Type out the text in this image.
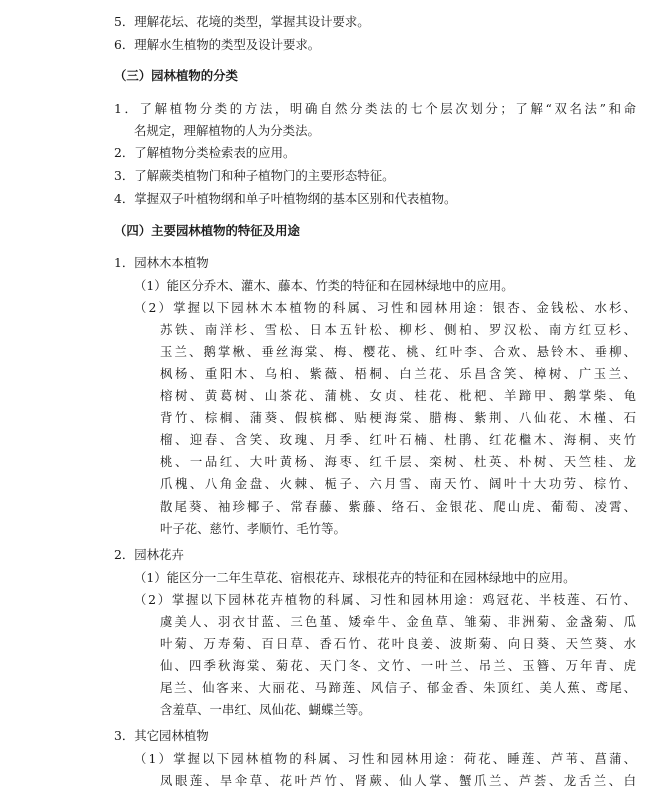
5．理解花坛、花境的类型，掌握其设计要求。
6．理解水生植物的类型及设计要求。
（三）园林植物的分类
1．了解植物分类的方法，明确自然分类法的七个层次划分；了解“双名法”和命
名规定，理解植物的人为分类法。
2．了解植物分类检索表的应用。
3．了解蕨类植物门和种子植物门的主要形态特征。
4．掌握双子叶植物纲和单子叶植物纲的基本区别和代表植物。
（四）主要园林植物的特征及用途
1．园林木本植物
（1）能区分乔木、灌木、藤本、竹类的特征和在园林绿地中的应用。
（2）掌握以下园林木本植物的科属、习性和园林用途：银杏、金钱松、水杉、
苏铁、南洋杉、雪松、日本五针松、柳杉、侧柏、罗汉松、南方红豆杉、
玉兰、鹅掌楸、垂丝海棠、梅、樱花、桃、红叶李、合欢、悬铃木、垂柳、
枫杨、重阳木、乌桕、紫薇、梧桐、白兰花、乐昌含笑、樟树、广玉兰、
榕树、黄葛树、山茶花、蒲桃、女贞、桂花、枇杷、羊蹄甲、鹅掌柴、龟
背竹、棕榈、蒲葵、假槟榔、贴梗海棠、腊梅、紫荆、八仙花、木槿、石
榴、迎春、含笑、玫瑰、月季、红叶石楠、杜鹃、红花檵木、海桐、夹竹
桃、一品红、大叶黄杨、海枣、红千层、栾树、杜英、朴树、天竺桂、龙
爪槐、八角金盘、火棘、栀子、六月雪、南天竹、阔叶十大功劳、棕竹、
散尾葵、袖珍椰子、常春藤、紫藤、络石、金银花、爬山虎、葡萄、凌霄、
叶子花、慈竹、孝顺竹、毛竹等。
2．园林花卉
（1）能区分一二年生草花、宿根花卉、球根花卉的特征和在园林绿地中的应用。
（2）掌握以下园林花卉植物的科属、习性和园林用途：鸡冠花、半枝莲、石竹、
虞美人、羽衣甘蓝、三色堇、矮牵牛、金鱼草、雏菊、非洲菊、金盏菊、瓜
叶菊、万寿菊、百日草、香石竹、花叶良姜、波斯菊、向日葵、天竺葵、水
仙、四季秋海棠、菊花、天门冬、文竹、一叶兰、吊兰、玉簪、万年青、虎
尾兰、仙客来、大丽花、马蹄莲、风信子、郁金香、朱顶红、美人蕉、鸢尾、
含羞草、一串红、凤仙花、蝴蝶兰等。
3．其它园林植物
（1）掌握以下园林植物的科属、习性和园林用途：荷花、睡莲、芦苇、菖蒲、
凤眼莲、旱伞草、花叶芦竹、肾蕨、仙人掌、蟹爪兰、芦荟、龙舌兰、白
